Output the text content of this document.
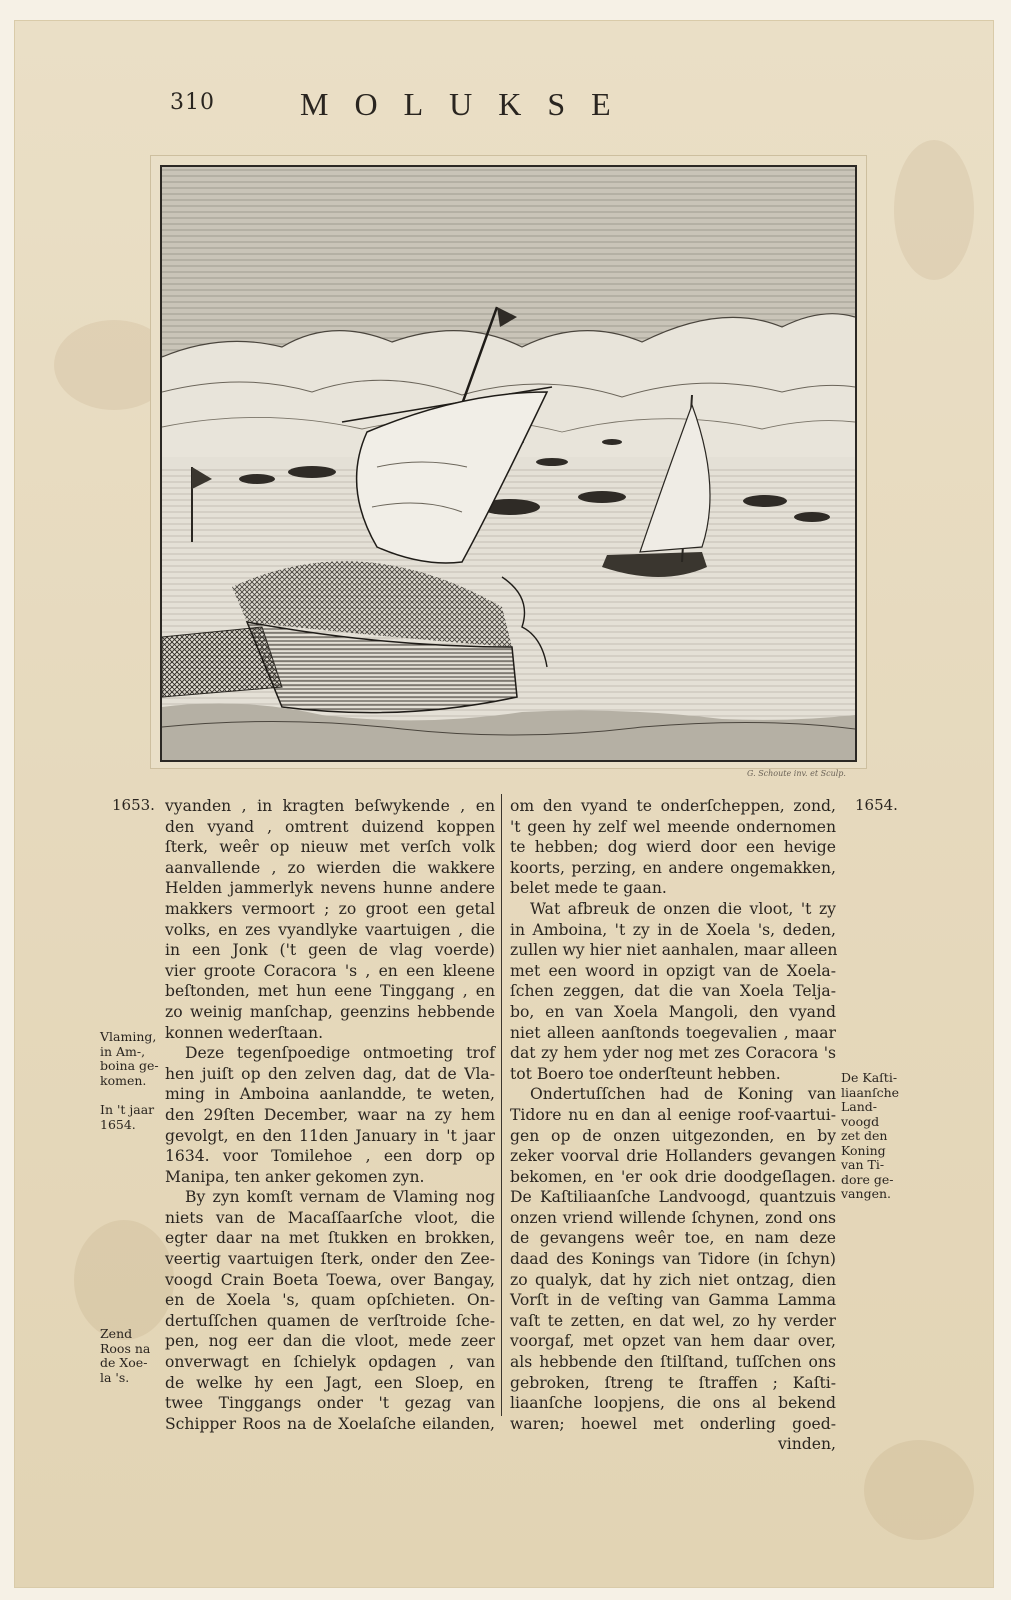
310	MOLUKSE
G. Schoute inv. et Sculp.
1653.	1654.

vyanden , in kragten beſwykende , en

den vyand , omtrent duizend koppen

ſterk, weêr op nieuw met verſch volk

aanvallende , zo wierden die wakkere

Helden jammerlyk nevens hunne andere

makkers vermoort ; zo groot een getal

volks, en zes vyandlyke vaartuigen , die

in een Jonk ('t geen de vlag voerde)

vier groote Coracora 's , en een kleene

beſtonden, met hun eene Tinggang , en

zo weinig manſchap, geenzins hebbende

konnen wederſtaan.

Deze tegenſpoedige ontmoeting trof

hen juiſt op den zelven dag, dat de Vla-

ming in Amboina aanlandde, te weten,

den 29ſten December, waar na zy hem

gevolgt, en den 11den January in 't jaar

1634. voor Tomilehoe , een dorp op

Manipa, ten anker gekomen zyn.

By zyn komſt vernam de Vlaming nog

niets van de Macaſſaarſche vloot, die

egter daar na met ſtukken en brokken,

veertig vaartuigen ſterk, onder den Zee-

voogd Crain Boeta Toewa, over Bangay,

en de Xoela 's, quam opſchieten. On-

dertuſſchen quamen de verſtroide ſche-

pen, nog eer dan die vloot, mede zeer

onverwagt en ſchielyk opdagen , van

de welke hy een Jagt, een Sloep, en

twee Tinggangs onder 't gezag van

Schipper Roos na de Xoelaſche eilanden,

om den vyand te onderſcheppen, zond,

't geen hy zelf wel meende ondernomen

te hebben; dog wierd door een hevige

koorts, perzing, en andere ongemakken,

belet mede te gaan.

Wat afbreuk de onzen die vloot, 't zy

in Amboina, 't zy in de Xoela 's, deden,

zullen wy hier niet aanhalen, maar alleen

met een woord in opzigt van de Xoela-

ſchen zeggen, dat die van Xoela Telja-

bo, en van Xoela Mangoli, den vyand

niet alleen aanſtonds toegevalien , maar

dat zy hem yder nog met zes Coracora 's

tot Boero toe onderſteunt hebben.

Ondertuſſchen had de Koning van

Tidore nu en dan al eenige roof-vaartui-

gen op de onzen uitgezonden, en by

zeker voorval drie Hollanders gevangen

bekomen, en 'er ook drie doodgeſlagen.

De Kaſtiliaanſche Landvoogd, quantzuis

onzen vriend willende ſchynen, zond ons

de gevangens weêr toe, en nam deze

daad des Konings van Tidore (in ſchyn)

zo qualyk, dat hy zich niet ontzag, dien

Vorſt in de veſting van Gamma Lamma

vaſt te zetten, en dat wel, zo hy verder

voorgaf, met opzet van hem daar over,

als hebbende den ſtilſtand, tuſſchen ons

gebroken, ſtreng te ſtraffen ; Kaſti-

liaanſche loopjens, die ons al bekend

waren; hoewel met onderling goed-

vinden,

Vlaming,
in Am-,
boina ge-
komen.
In 't jaar
1654.
Zend
Roos na
de Xoe-
la 's.
De Kaſti-
liaanſche
Land-
voogd
zet den
Koning
van Ti-
dore ge-
vangen.
